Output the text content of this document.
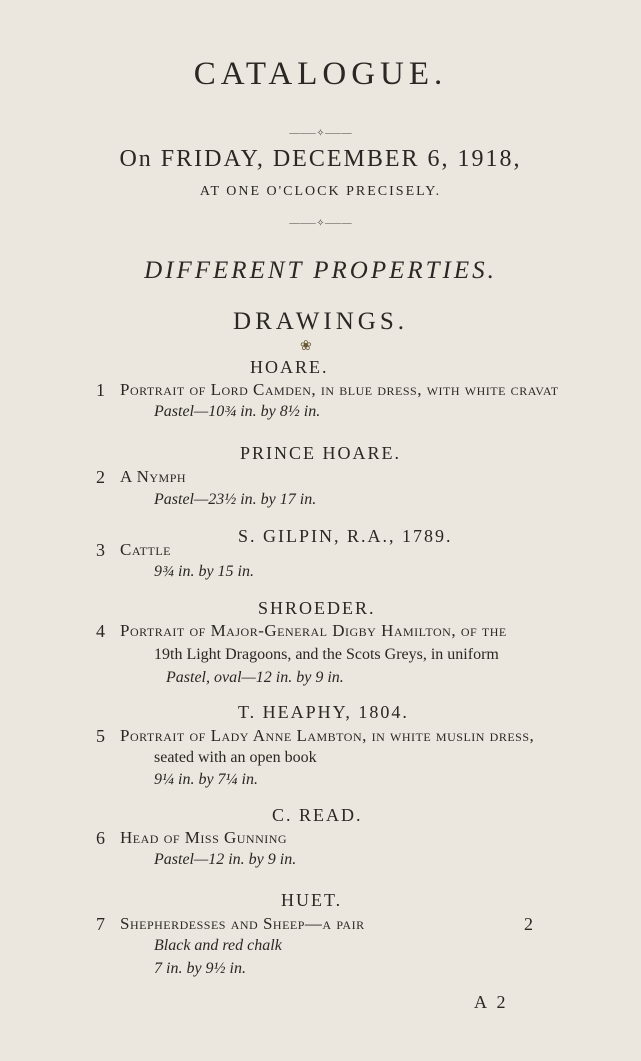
CATALOGUE.
—⸺✧⸺—
On FRIDAY, DECEMBER 6, 1918,
AT ONE O'CLOCK PRECISELY.
—⸺✧⸺—
DIFFERENT PROPERTIES.
DRAWINGS.
❀
HOARE.
1 Portrait of Lord Camden, in blue dress, with white cravat
Pastel—10¾ in. by 8½ in.
PRINCE HOARE.
2 A Nymph
Pastel—23½ in. by 17 in.
S. GILPIN, R.A., 1789.
3 Cattle
9¾ in. by 15 in.
SHROEDER.
4 Portrait of Major-General Digby Hamilton, of the
19th Light Dragoons, and the Scots Greys, in uniform
Pastel, oval—12 in. by 9 in.
T. HEAPHY, 1804.
5 Portrait of Lady Anne Lambton, in white muslin dress,
seated with an open book
9¼ in. by 7¼ in.
C. READ.
6 Head of Miss Gunning
Pastel—12 in. by 9 in.
HUET.
7 Shepherdesses and Sheep—a pair	2
Black and red chalk
7 in. by 9½ in.
A 2
